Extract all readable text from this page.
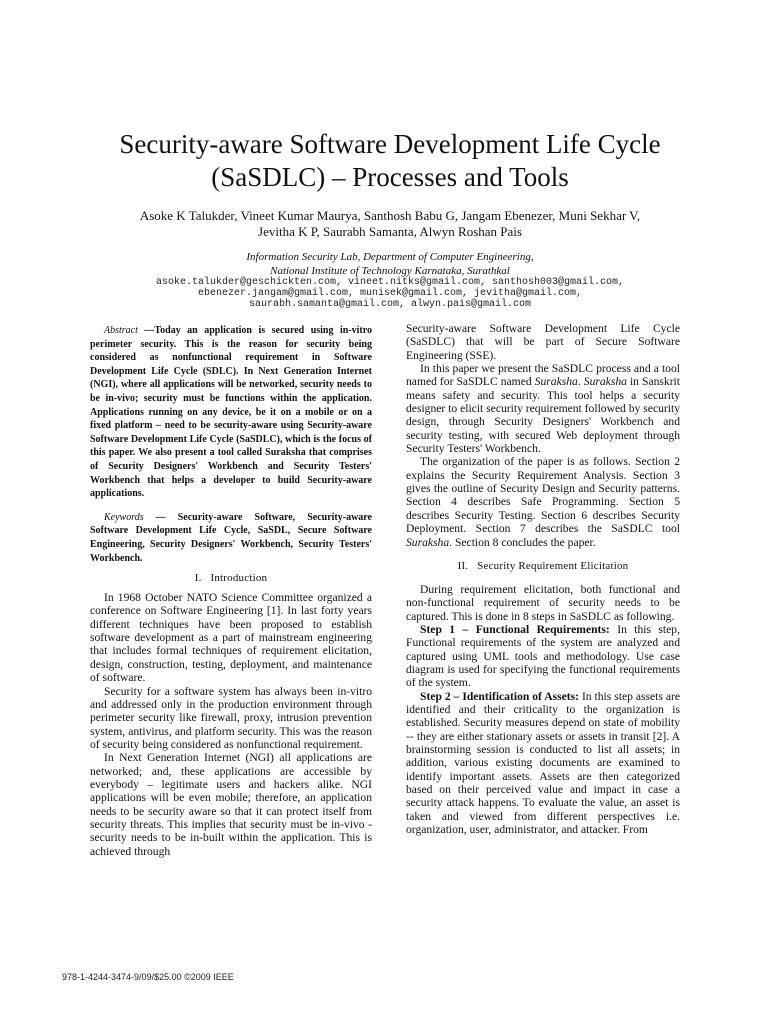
Security-aware Software Development Life Cycle (SaSDLC) – Processes and Tools
Asoke K Talukder, Vineet Kumar Maurya, Santhosh Babu G, Jangam Ebenezer, Muni Sekhar V,
Jevitha K P, Saurabh Samanta, Alwyn Roshan Pais
Information Security Lab, Department of Computer Engineering,
National Institute of Technology Karnataka, Surathkal
asoke.talukder@geschickten.com, vineet.nitks@gmail.com, santhosh003@gmail.com,
ebenezer.jangam@gmail.com, munisek@gmail.com, jevitha@gmail.com,
saurabh.samanta@gmail.com, alwyn.pais@gmail.com

Abstract —Today an application is secured using in-vitro perimeter security. This is the reason for security being considered as nonfunctional requirement in Software Development Life Cycle (SDLC). In Next Generation Internet (NGI), where all applications will be networked, security needs to be in-vivo; security must be functions within the application. Applications running on any device, be it on a mobile or on a fixed platform – need to be security-aware using Security-aware Software Development Life Cycle (SaSDLC), which is the focus of this paper. We also present a tool called Suraksha that comprises of Security Designers' Workbench and Security Testers' Workbench that helps a developer to build Security-aware applications.

Keywords — Security-aware Software, Security-aware Software Development Life Cycle, SaSDL, Secure Software Engineering, Security Designers' Workbench, Security Testers' Workbench.

I. Introduction

In 1968 October NATO Science Committee organized a conference on Software Engineering [1]. In last forty years different techniques have been proposed to establish software development as a part of mainstream engineering that includes formal techniques of requirement elicitation, design, construction, testing, deployment, and maintenance of software.

Security for a software system has always been in-vitro and addressed only in the production environment through perimeter security like firewall, proxy, intrusion prevention system, antivirus, and platform security. This was the reason of security being considered as nonfunctional requirement.

In Next Generation Internet (NGI) all applications are networked; and, these applications are accessible by everybody – legitimate users and hackers alike. NGI applications will be even mobile; therefore, an application needs to be security aware so that it can protect itself from security threats. This implies that security must be in-vivo - security needs to be in-built within the application. This is achieved through

Security-aware Software Development Life Cycle (SaSDLC) that will be part of Secure Software Engineering (SSE).

In this paper we present the SaSDLC process and a tool named for SaSDLC named Suraksha. Suraksha in Sanskrit means safety and security. This tool helps a security designer to elicit security requirement followed by security design, through Security Designers' Workbench and security testing, with secured Web deployment through Security Testers' Workbench.

The organization of the paper is as follows. Section 2 explains the Security Requirement Analysis. Section 3 gives the outline of Security Design and Security patterns. Section 4 describes Safe Programming. Section 5 describes Security Testing. Section 6 describes Security Deployment. Section 7 describes the SaSDLC tool Suraksha. Section 8 concludes the paper.

II. Security Requirement Elicitation

During requirement elicitation, both functional and non-functional requirement of security needs to be captured. This is done in 8 steps in SaSDLC as following.

Step 1 – Functional Requirements: In this step, Functional requirements of the system are analyzed and captured using UML tools and methodology. Use case diagram is used for specifying the functional requirements of the system.

Step 2 – Identification of Assets: In this step assets are identified and their criticality to the organization is established. Security measures depend on state of mobility -- they are either stationary assets or assets in transit [2]. A brainstorming session is conducted to list all assets; in addition, various existing documents are examined to identify important assets. Assets are then categorized based on their perceived value and impact in case a security attack happens. To evaluate the value, an asset is taken and viewed from different perspectives i.e. organization, user, administrator, and attacker. From

978-1-4244-3474-9/09/$25.00 ©2009 IEEE
